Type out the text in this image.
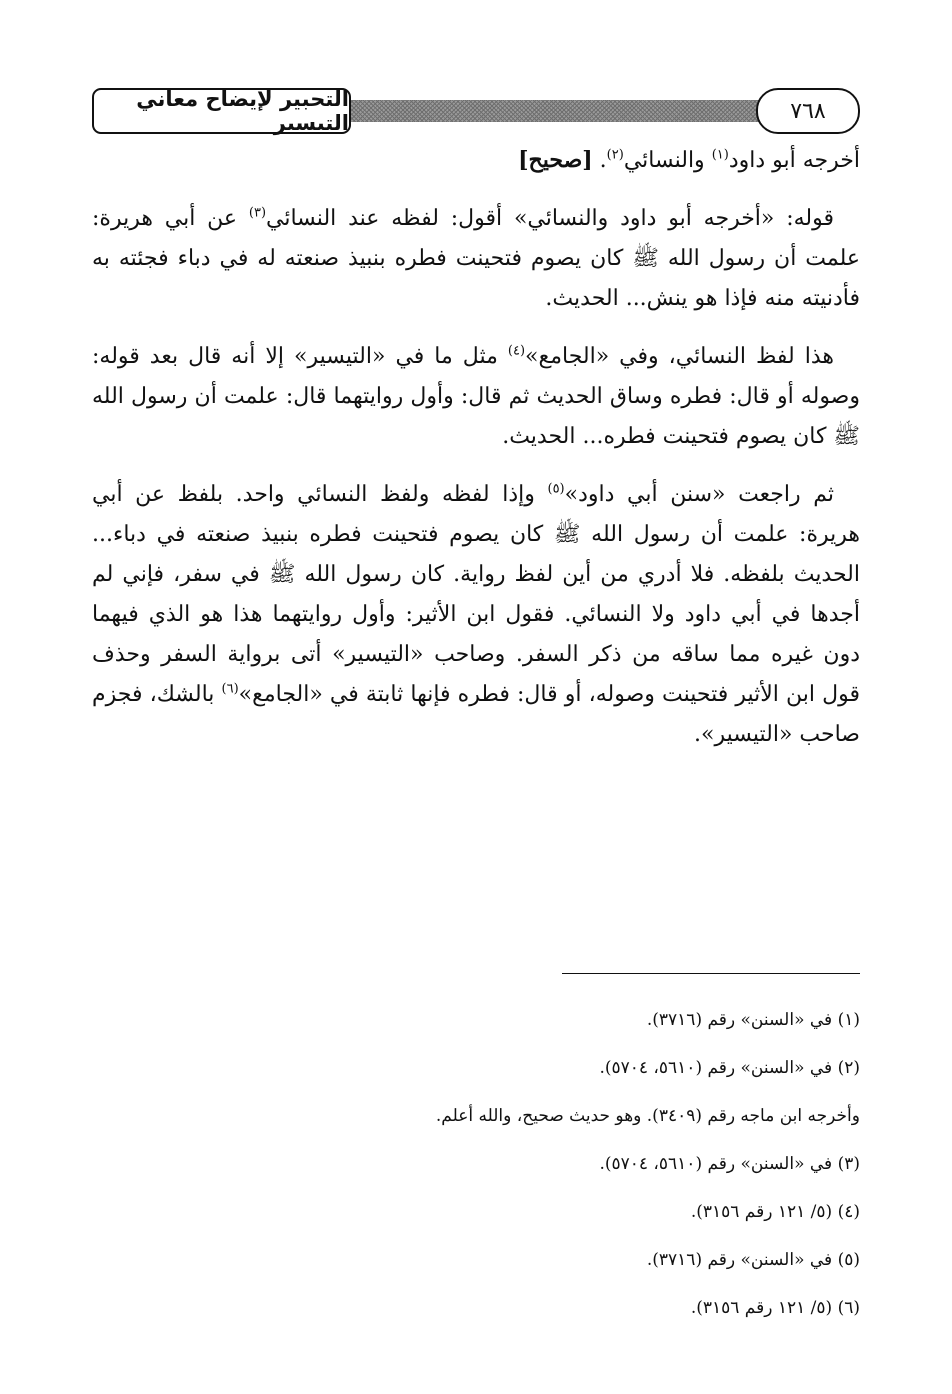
التحبير لإيضاح معاني التيسير	٧٦٨

أخرجه أبو داود$^{(١)}$ والنسائي$^{(٢)}$. [صحيح]

قوله: «أخرجه أبو داود والنسائي» أقول: لفظه عند النسائي$^{(٣)}$ عن أبي هريرة: علمت أن رسول الله ﷺ كان يصوم فتحينت فطره بنبيذ صنعته له في دباء فجئته به فأدنيته منه فإذا هو ينش... الحديث.

هذا لفظ النسائي، وفي «الجامع»$^{(٤)}$ مثل ما في «التيسير» إلا أنه قال بعد قوله: وصوله أو قال: فطره وساق الحديث ثم قال: وأول روايتهما قال: علمت أن رسول الله ﷺ كان يصوم فتحينت فطره... الحديث.

ثم راجعت «سنن أبي داود»$^{(٥)}$ وإذا لفظه ولفظ النسائي واحد. بلفظ عن أبي هريرة: علمت أن رسول الله ﷺ كان يصوم فتحينت فطره بنبيذ صنعته في دباء... الحديث بلفظه. فلا أدري من أين لفظ رواية. كان رسول الله ﷺ في سفر، فإني لم أجدها في أبي داود ولا النسائي. فقول ابن الأثير: وأول روايتهما هذا هو الذي فيهما دون غيره مما ساقه من ذكر السفر. وصاحب «التيسير» أتى برواية السفر وحذف قول ابن الأثير فتحينت وصوله، أو قال: فطره فإنها ثابتة في «الجامع»$^{(٦)}$ بالشك، فجزم صاحب «التيسير».

(١) في «السنن» رقم (٣٧١٦).
(٢) في «السنن» رقم (٥٦١٠، ٥٧٠٤).
وأخرجه ابن ماجه رقم (٣٤٠٩). وهو حديث صحيح، والله أعلم.
(٣) في «السنن» رقم (٥٦١٠، ٥٧٠٤).
(٤) (٥/ ١٢١ رقم ٣١٥٦).
(٥) في «السنن» رقم (٣٧١٦).
(٦) (٥/ ١٢١ رقم ٣١٥٦).
